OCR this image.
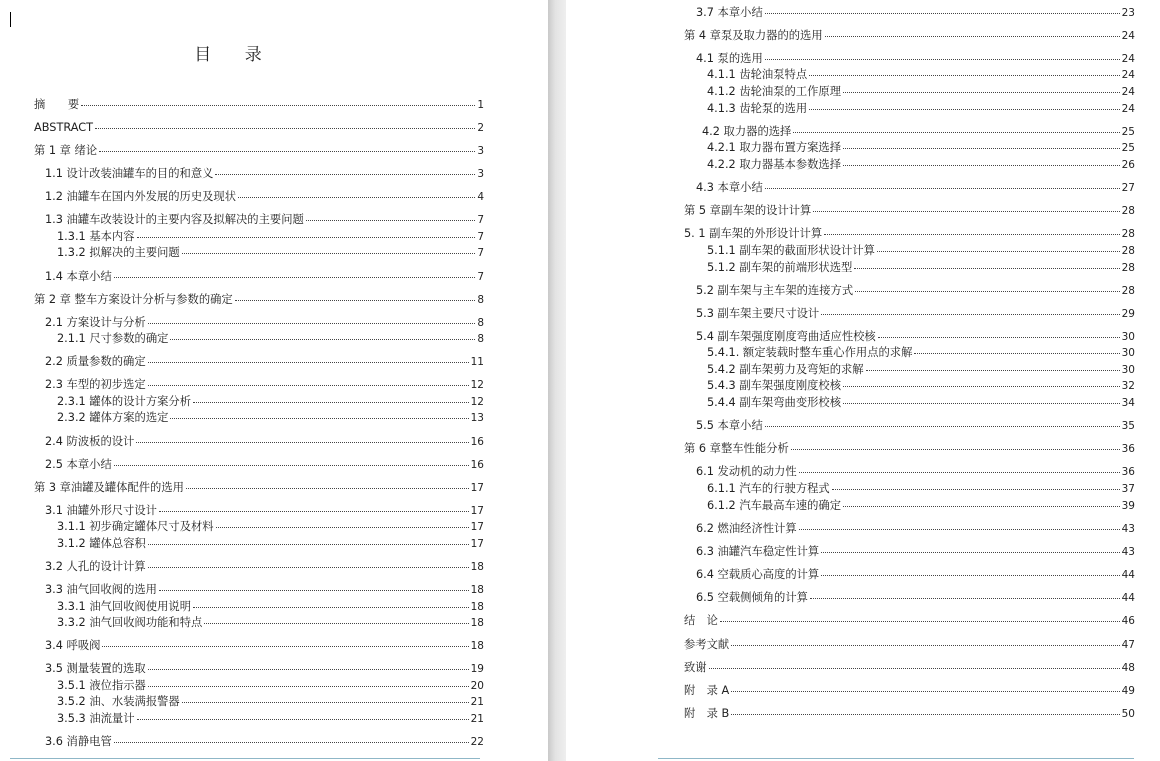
目 录
摘　　要	1
ABSTRACT	2
第 1 章 绪论	3
1.1 设计改装油罐车的目的和意义	3
1.2 油罐车在国内外发展的历史及现状	4
1.3 油罐车改装设计的主要内容及拟解决的主要问题	7
1.3.1 基本内容	7
1.3.2 拟解决的主要问题	7
1.4 本章小结	7
第 2 章 整车方案设计分析与参数的确定	8
2.1 方案设计与分析	8
2.1.1 尺寸参数的确定	8
2.2 质量参数的确定	11
2.3 车型的初步选定	12
2.3.1 罐体的设计方案分析	12
2.3.2 罐体方案的选定	13
2.4 防波板的设计	16
2.5 本章小结	16
第 3 章油罐及罐体配件的选用	17
3.1 油罐外形尺寸设计	17
3.1.1 初步确定罐体尺寸及材料	17
3.1.2 罐体总容积	17
3.2 人孔的设计计算	18
3.3 油气回收阀的选用	18
3.3.1 油气回收阀使用说明	18
3.3.2 油气回收阀功能和特点	18
3.4 呼吸阀	18
3.5 测量装置的选取	19
3.5.1 液位指示器	20
3.5.2 油、水装满报警器	21
3.5.3 油流量计	21
3.6 消静电管	22
3.7 本章小结	23
第 4 章泵及取力器的的选用	24
4.1 泵的选用	24
4.1.1 齿轮油泵特点	24
4.1.2 齿轮油泵的工作原理	24
4.1.3 齿轮泵的选用	24
4.2 取力器的选择	25
4.2.1 取力器布置方案选择	25
4.2.2 取力器基本参数选择	26
4.3 本章小结	27
第 5 章副车架的设计计算	28
5. 1 副车架的外形设计计算	28
5.1.1 副车架的截面形状设计计算	28
5.1.2 副车架的前端形状选型	28
5.2 副车架与主车架的连接方式	28
5.3 副车架主要尺寸设计	29
5.4 副车架强度刚度弯曲适应性校核	30
5.4.1. 额定装载时整车重心作用点的求解	30
5.4.2 副车架剪力及弯矩的求解	30
5.4.3 副车架强度刚度校核	32
5.4.4 副车架弯曲变形校核	34
5.5 本章小结	35
第 6 章整车性能分析	36
6.1 发动机的动力性	36
6.1.1 汽车的行驶方程式	37
6.1.2 汽车最高车速的确定	39
6.2 燃油经济性计算	43
6.3 油罐汽车稳定性计算	43
6.4 空载质心高度的计算	44
6.5 空载侧倾角的计算	44
结　论	46
参考文献	47
致谢	48
附　录 A	49
附　录 B	50
